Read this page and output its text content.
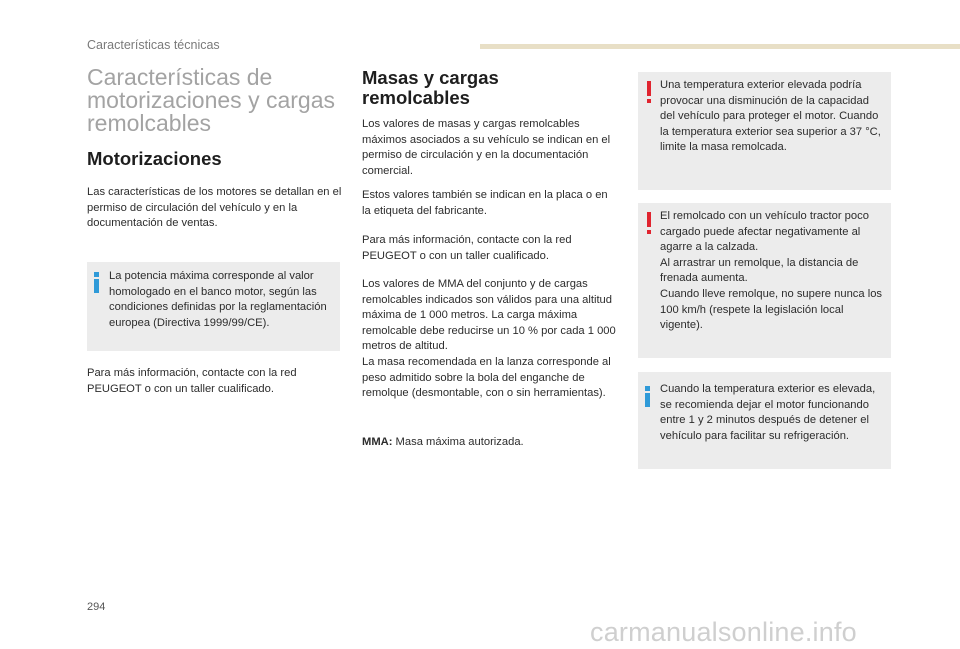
Características técnicas
Características de motorizaciones y cargas remolcables
Motorizaciones

Las características de los motores se detallan en el permiso de circulación del vehículo y en la documentación de ventas.

La potencia máxima corresponde al valor homologado en el banco motor, según las condiciones definidas por la reglamentación europea (Directiva 1999/99/CE).

Para más información, contacte con la red PEUGEOT o con un taller cualificado.

Masas y cargas remolcables

Los valores de masas y cargas remolcables máximos asociados a su vehículo se indican en el permiso de circulación y en la documentación comercial.

Estos valores también se indican en la placa o en la etiqueta del fabricante.

Para más información, contacte con la red PEUGEOT o con un taller cualificado.

Los valores de MMA del conjunto y de cargas remolcables indicados son válidos para una altitud máxima de 1 000 metros. La carga máxima remolcable debe reducirse un 10 % por cada 1 000 metros de altitud.

La masa recomendada en la lanza corresponde al peso admitido sobre la bola del enganche de remolque (desmontable, con o sin herramientas).

MMA: Masa máxima autorizada.

Una temperatura exterior elevada podría provocar una disminución de la capacidad del vehículo para proteger el motor. Cuando la temperatura exterior sea superior a 37 °C, limite la masa remolcada.

El remolcado con un vehículo tractor poco cargado puede afectar negativamente al agarre a la calzada.

Al arrastrar un remolque, la distancia de frenada aumenta.

Cuando lleve remolque, no supere nunca los 100 km/h (respete la legislación local vigente).

Cuando la temperatura exterior es elevada, se recomienda dejar el motor funcionando entre 1 y 2 minutos después de detener el vehículo para facilitar su refrigeración.

294
carmanualsonline.info
